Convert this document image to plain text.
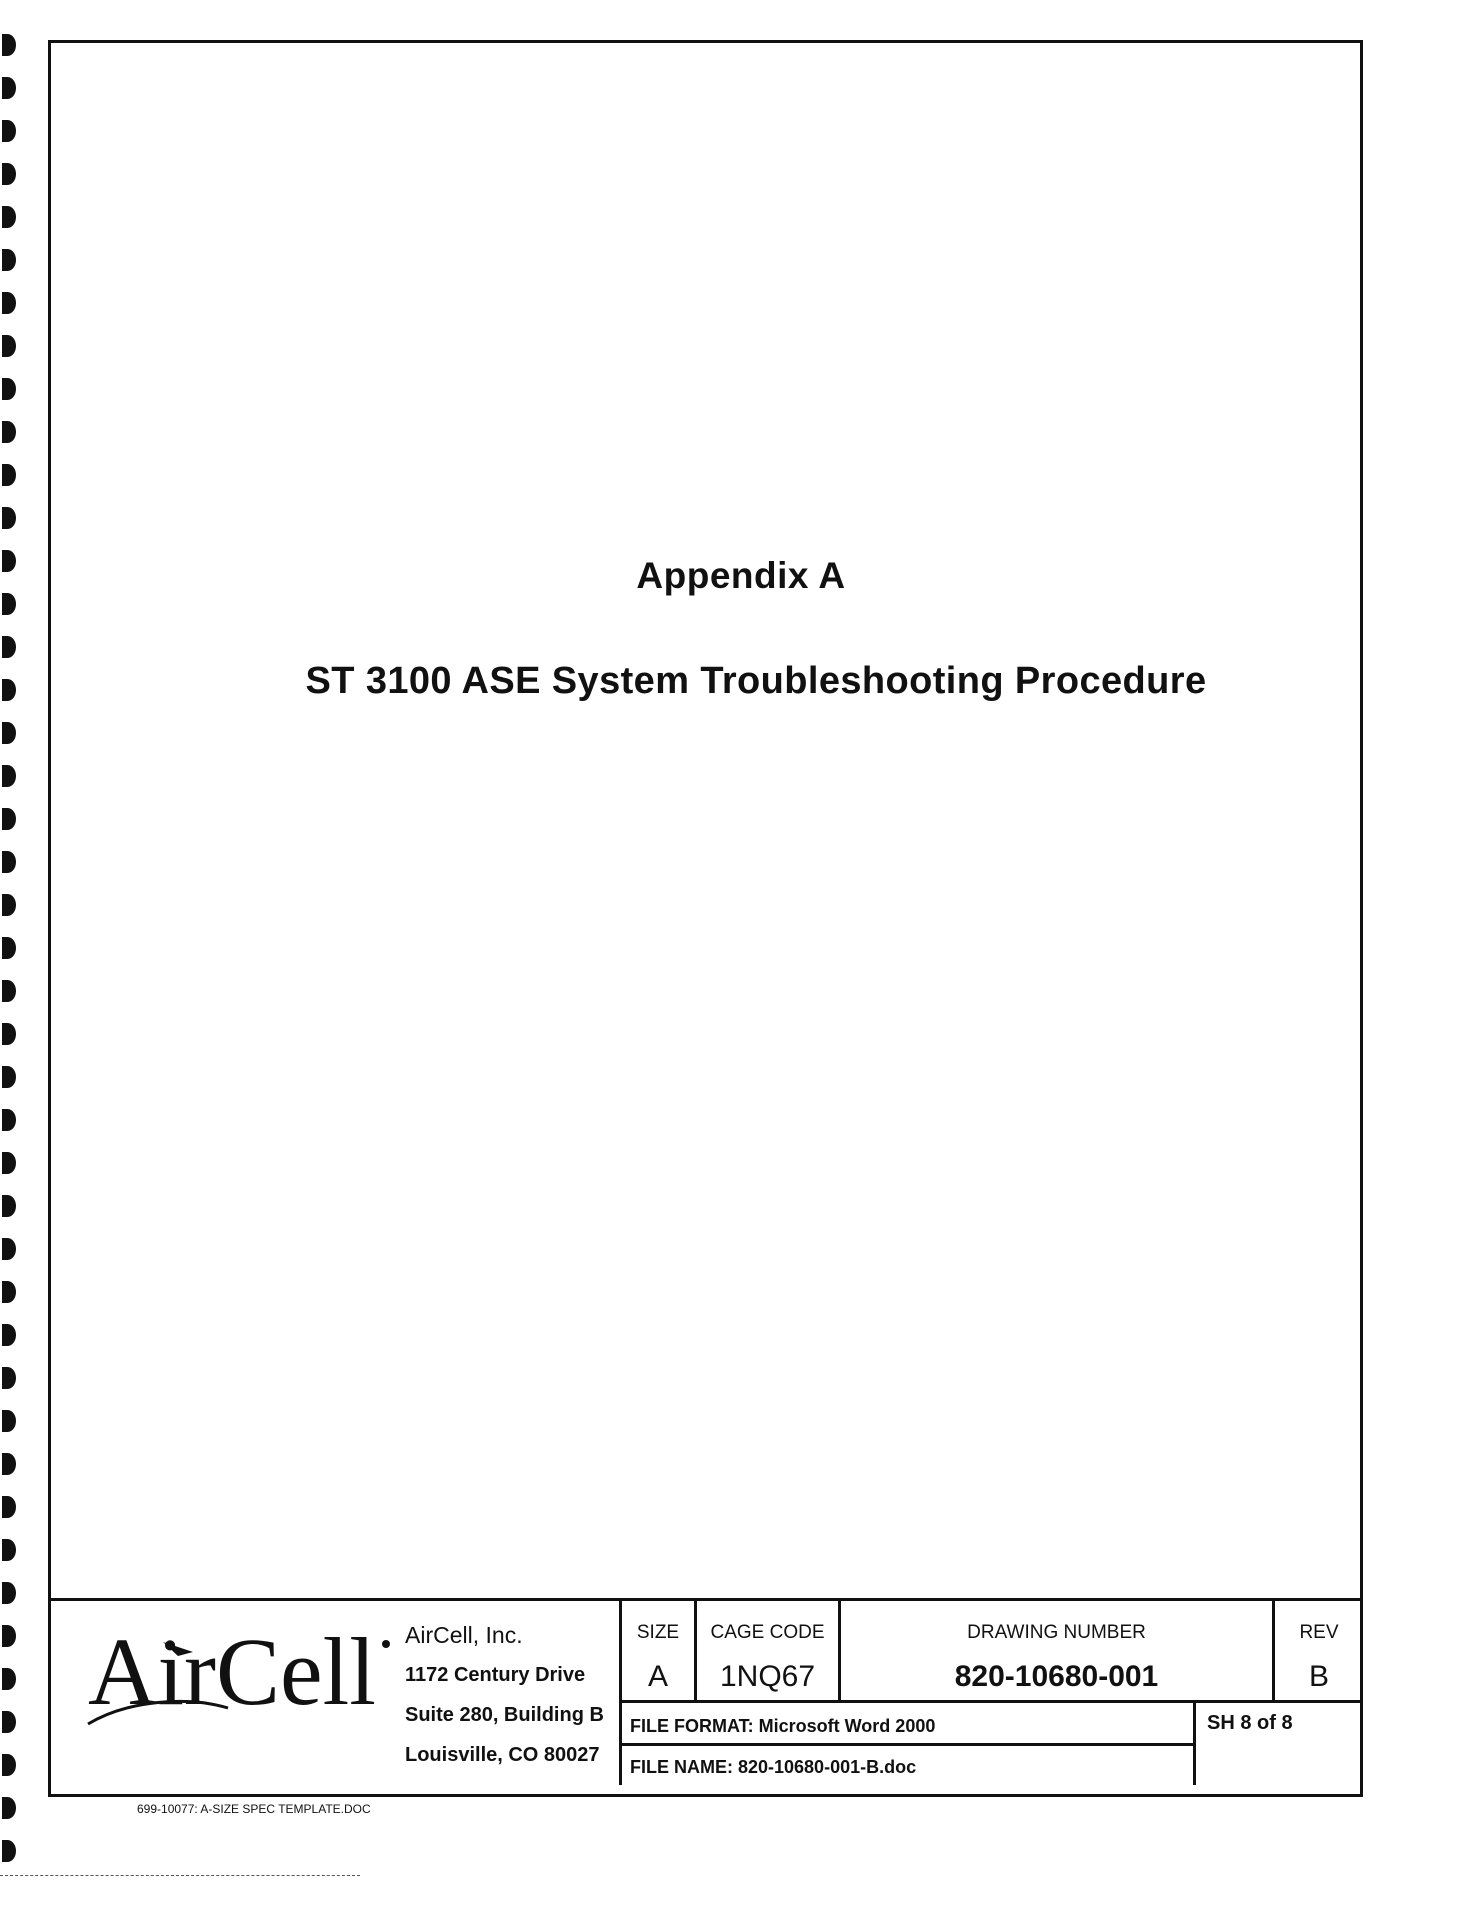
Appendix A
ST 3100 ASE System Troubleshooting Procedure
AirCell AirCell, Inc.
1172 Century Drive
Suite 280, Building B
Louisville, CO 80027
SIZE
A
CAGE CODE
1NQ67
DRAWING NUMBER
820-10680-001
REV
B
FILE FORMAT: Microsoft Word 2000
FILE NAME: 820-10680-001-B.doc
SH 8 of 8
699-10077: A-SIZE SPEC TEMPLATE.DOC
